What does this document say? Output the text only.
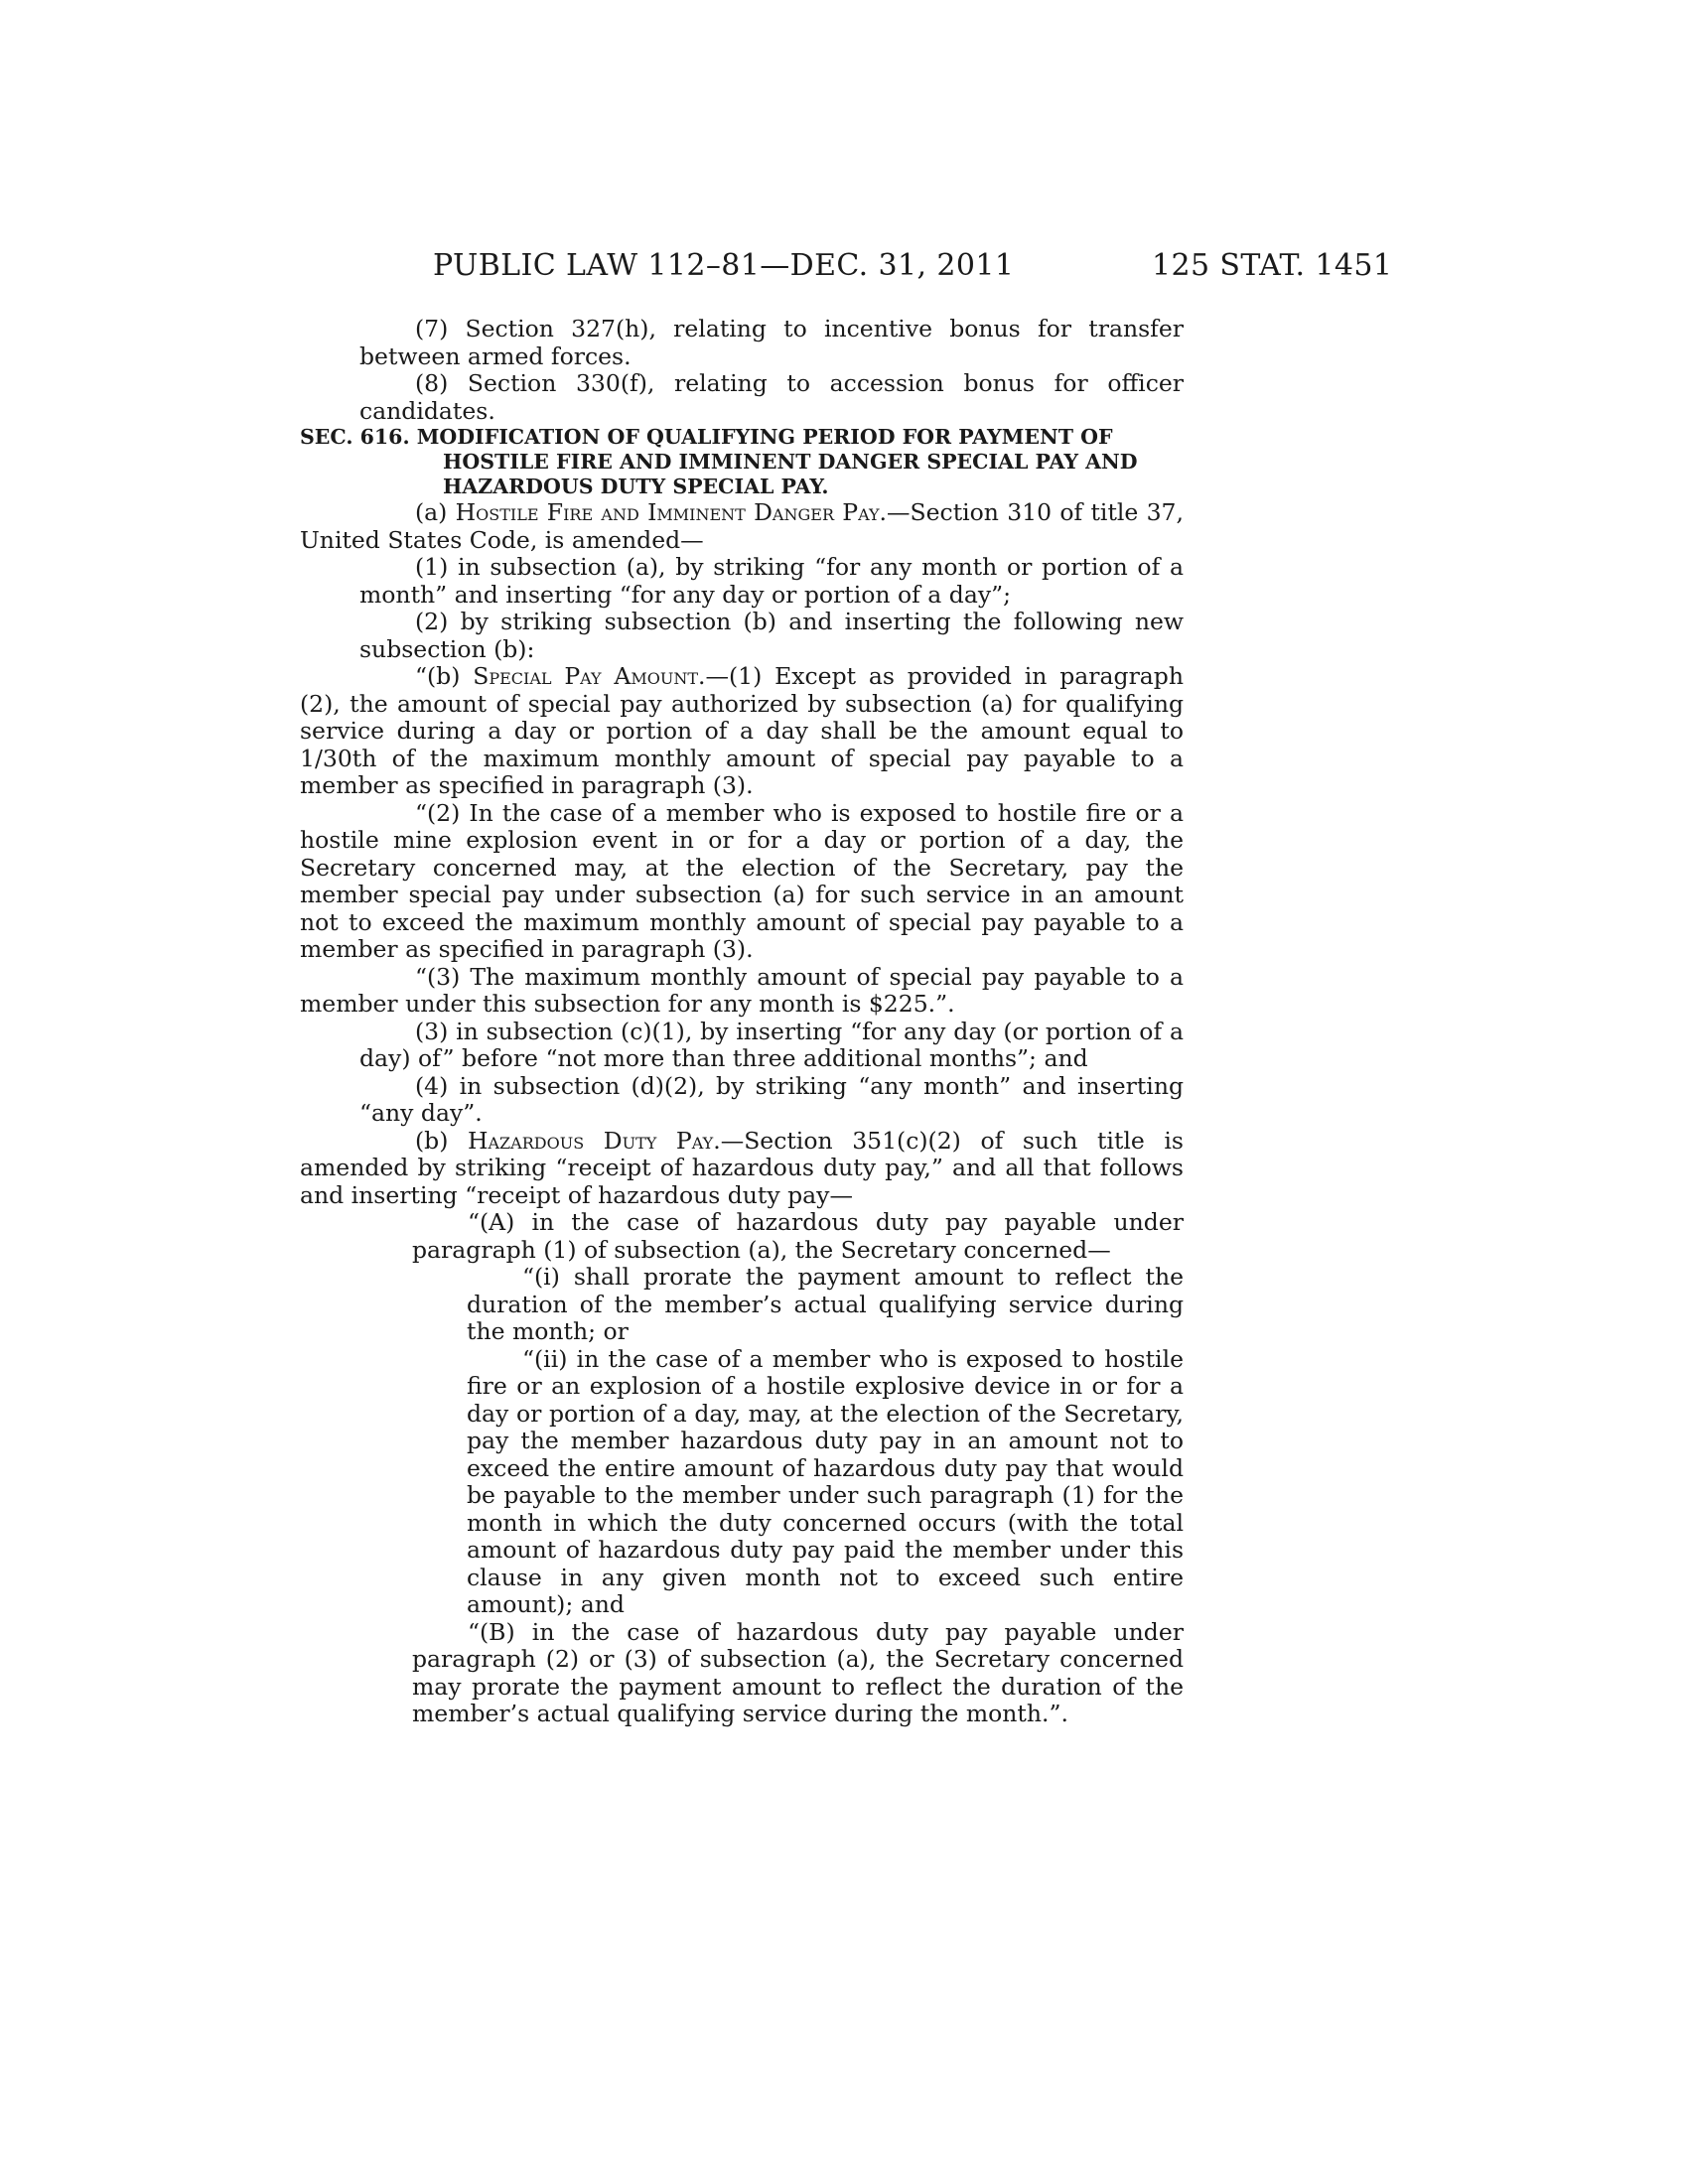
PUBLIC LAW 112–81—DEC. 31, 2011	125 STAT. 1451

(7) Section 327(h), relating to incentive bonus for transfer between armed forces.

(8) Section 330(f), relating to accession bonus for officer candidates.

SEC. 616. MODIFICATION OF QUALIFYING PERIOD FOR PAYMENT OF HOSTILE FIRE AND IMMINENT DANGER SPECIAL PAY AND HAZARDOUS DUTY SPECIAL PAY.

(a) Hostile Fire and Imminent Danger Pay.—Section 310 of title 37, United States Code, is amended—

(1) in subsection (a), by striking “for any month or portion of a month” and inserting “for any day or portion of a day”;

(2) by striking subsection (b) and inserting the following new subsection (b):

“(b) Special Pay Amount.—(1) Except as provided in paragraph (2), the amount of special pay authorized by subsection (a) for qualifying service during a day or portion of a day shall be the amount equal to 1/30th of the maximum monthly amount of special pay payable to a member as specified in paragraph (3).

“(2) In the case of a member who is exposed to hostile fire or a hostile mine explosion event in or for a day or portion of a day, the Secretary concerned may, at the election of the Secretary, pay the member special pay under subsection (a) for such service in an amount not to exceed the maximum monthly amount of special pay payable to a member as specified in paragraph (3).

“(3) The maximum monthly amount of special pay payable to a member under this subsection for any month is $225.”.

(3) in subsection (c)(1), by inserting “for any day (or portion of a day) of” before “not more than three additional months”; and

(4) in subsection (d)(2), by striking “any month” and inserting “any day”.

(b) Hazardous Duty Pay.—Section 351(c)(2) of such title is amended by striking “receipt of hazardous duty pay,” and all that follows and inserting “receipt of hazardous duty pay—

“(A) in the case of hazardous duty pay payable under paragraph (1) of subsection (a), the Secretary concerned—

“(i) shall prorate the payment amount to reflect the duration of the member’s actual qualifying service during the month; or

“(ii) in the case of a member who is exposed to hostile fire or an explosion of a hostile explosive device in or for a day or portion of a day, may, at the election of the Secretary, pay the member hazardous duty pay in an amount not to exceed the entire amount of hazardous duty pay that would be payable to the member under such paragraph (1) for the month in which the duty concerned occurs (with the total amount of hazardous duty pay paid the member under this clause in any given month not to exceed such entire amount); and

“(B) in the case of hazardous duty pay payable under paragraph (2) or (3) of subsection (a), the Secretary concerned may prorate the payment amount to reflect the duration of the member’s actual qualifying service during the month.”.
